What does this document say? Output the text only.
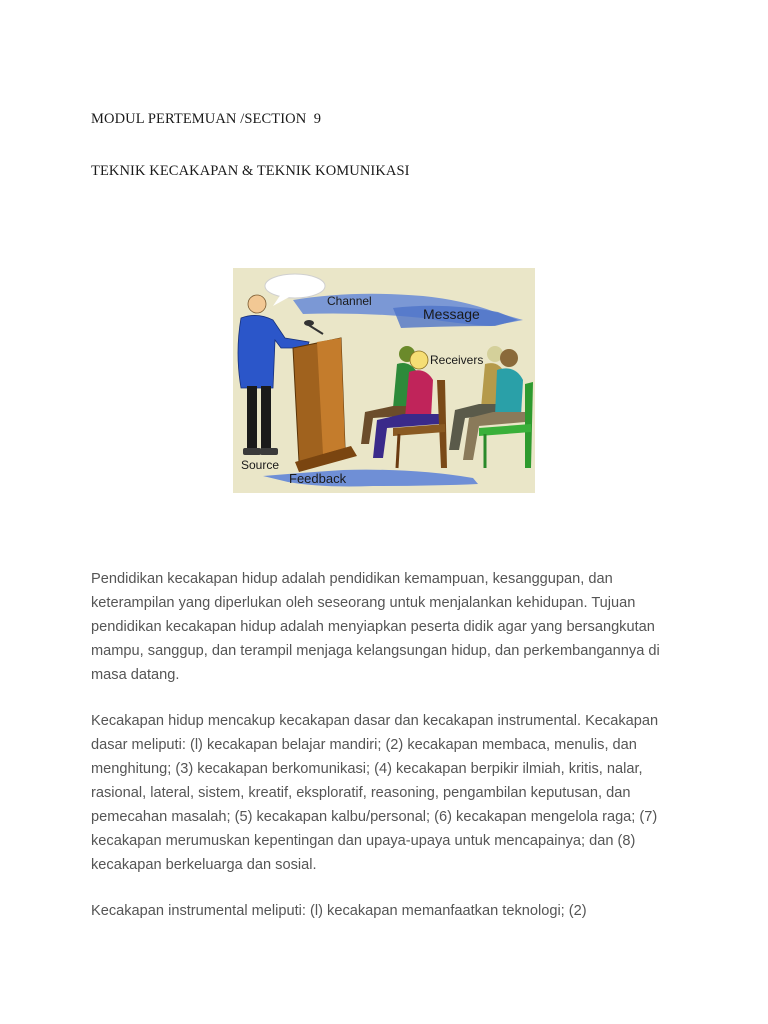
MODUL PERTEMUAN /SECTION  9
TEKNIK KECAKAPAN & TEKNIK KOMUNIKASI
Channel
Message
Receivers
Source
Feedback

Pendidikan kecakapan hidup adalah pendidikan kemampuan, kesanggupan, dan keterampilan yang diperlukan oleh seseorang untuk menjalankan kehidupan. Tujuan pendidikan kecakapan hidup adalah menyiapkan peserta didik agar yang bersangkutan mampu, sanggup, dan terampil menjaga kelangsungan hidup, dan perkembangannya di masa datang.

Kecakapan hidup mencakup kecakapan dasar dan kecakapan instrumental. Kecakapan dasar meliputi: (l) kecakapan belajar mandiri; (2) kecakapan membaca, menulis, dan menghitung; (3) kecakapan berkomunikasi; (4) kecakapan berpikir ilmiah, kritis, nalar, rasional, lateral, sistem, kreatif, eksploratif, reasoning, pengambilan keputusan, dan pemecahan masalah; (5) kecakapan kalbu/personal; (6) kecakapan mengelola raga; (7) kecakapan merumuskan kepentingan dan upaya-upaya untuk mencapainya; dan (8) kecakapan berkeluarga dan sosial.

Kecakapan instrumental meliputi: (l) kecakapan memanfaatkan teknologi; (2)
